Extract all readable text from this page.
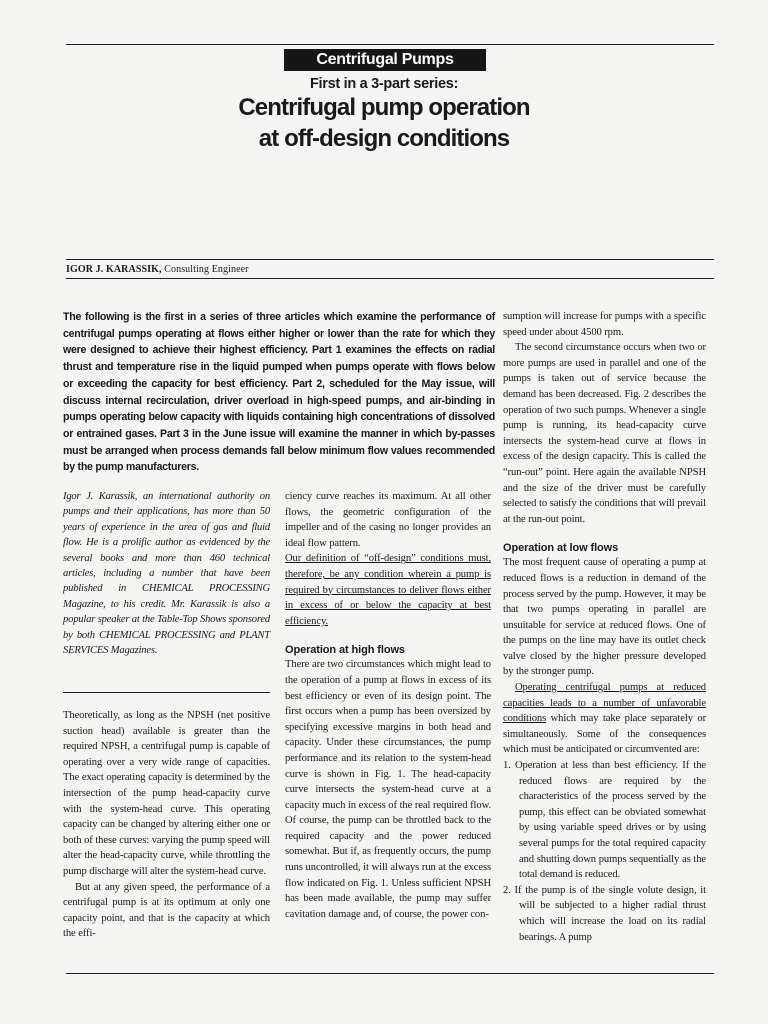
Centrifugal Pumps
First in a 3-part series:
Centrifugal pump operation
at off-design conditions
IGOR J. KARASSIK, Consulting Engineer
The following is the first in a series of three articles which examine the performance of centrifugal pumps operating at flows either higher or lower than the rate for which they were designed to achieve their highest efficiency. Part 1 examines the effects on radial thrust and temperature rise in the liquid pumped when pumps operate with flows below or exceeding the capacity for best efficiency. Part 2, scheduled for the May issue, will discuss internal recirculation, driver overload in high-speed pumps, and air-binding in pumps operating below capacity with liquids containing high concentrations of dissolved or entrained gases. Part 3 in the June issue will examine the manner in which by-passes must be arranged when process demands fall below minimum flow values recommended by the pump manufacturers.
Igor J. Karassik, an international authority on pumps and their applications, has more than 50 years of experience in the area of gas and fluid flow. He is a prolific author as evidenced by the several books and more than 460 technical articles, including a number that have been published in CHEMICAL PROCESSING Magazine, to his credit. Mr. Karassik is also a popular speaker at the Table-Top Shows sponsored by both CHEMICAL PROCESSING and PLANT SERVICES Magazines.

Theoretically, as long as the NPSH (net positive suction head) available is greater than the required NPSH, a centrifugal pump is capable of operating over a very wide range of capacities. The exact operating capacity is determined by the intersection of the pump head-capacity curve with the system-head curve. This operating capacity can be changed by altering either one or both of these curves: varying the pump speed will alter the head-capacity curve, while throttling the pump discharge will alter the system-head curve.

But at any given speed, the performance of a centrifugal pump is at its optimum at only one capacity point, and that is the capacity at which the effi-

ciency curve reaches its maximum. At all other flows, the geometric configuration of the impeller and of the casing no longer provides an ideal flow pattern.

Our definition of “off-design” conditions must, therefore, be any condition wherein a pump is required by circumstances to deliver flows either in excess of or below the capacity at best efficiency.

Operation at high flows

There are two circumstances which might lead to the operation of a pump at flows in excess of its best efficiency or even of its design point. The first occurs when a pump has been oversized by specifying excessive margins in both head and capacity. Under these circumstances, the pump performance and its relation to the system-head curve is shown in Fig. 1. The head-capacity curve intersects the system-head curve at a capacity much in excess of the real required flow. Of course, the pump can be throttled back to the required capacity and the power reduced somewhat. But if, as frequently occurs, the pump runs uncontrolled, it will always run at the excess flow indicated on Fig. 1. Unless sufficient NPSH has been made available, the pump may suffer cavitation damage and, of course, the power con-

sumption will increase for pumps with a specific speed under about 4500 rpm.

The second circumstance occurs when two or more pumps are used in parallel and one of the pumps is taken out of service because the demand has been decreased. Fig. 2 describes the operation of two such pumps. Whenever a single pump is running, its head-capacity curve intersects the system-head curve at flows in excess of the design capacity. This is called the “run-out” point. Here again the available NPSH and the size of the driver must be carefully selected to satisfy the conditions that will prevail at the run-out point.

Operation at low flows

The most frequent cause of operating a pump at reduced flows is a reduction in demand of the process served by the pump. However, it may be that two pumps operating in parallel are unsuitable for service at reduced flows. One of the pumps on the line may have its outlet check valve closed by the higher pressure developed by the stronger pump.

Operating centrifugal pumps at reduced capacities leads to a number of unfavorable conditions which may take place separately or simultaneously. Some of the consequences which must be anticipated or circumvented are:

1. Operation at less than best efficiency. If the reduced flows are required by the characteristics of the process served by the pump, this effect can be obviated somewhat by using variable speed drives or by using several pumps for the total required capacity and shutting down pumps sequentially as the total demand is reduced.

2. If the pump is of the single volute design, it will be subjected to a higher radial thrust which will increase the load on its radial bearings. A pump
